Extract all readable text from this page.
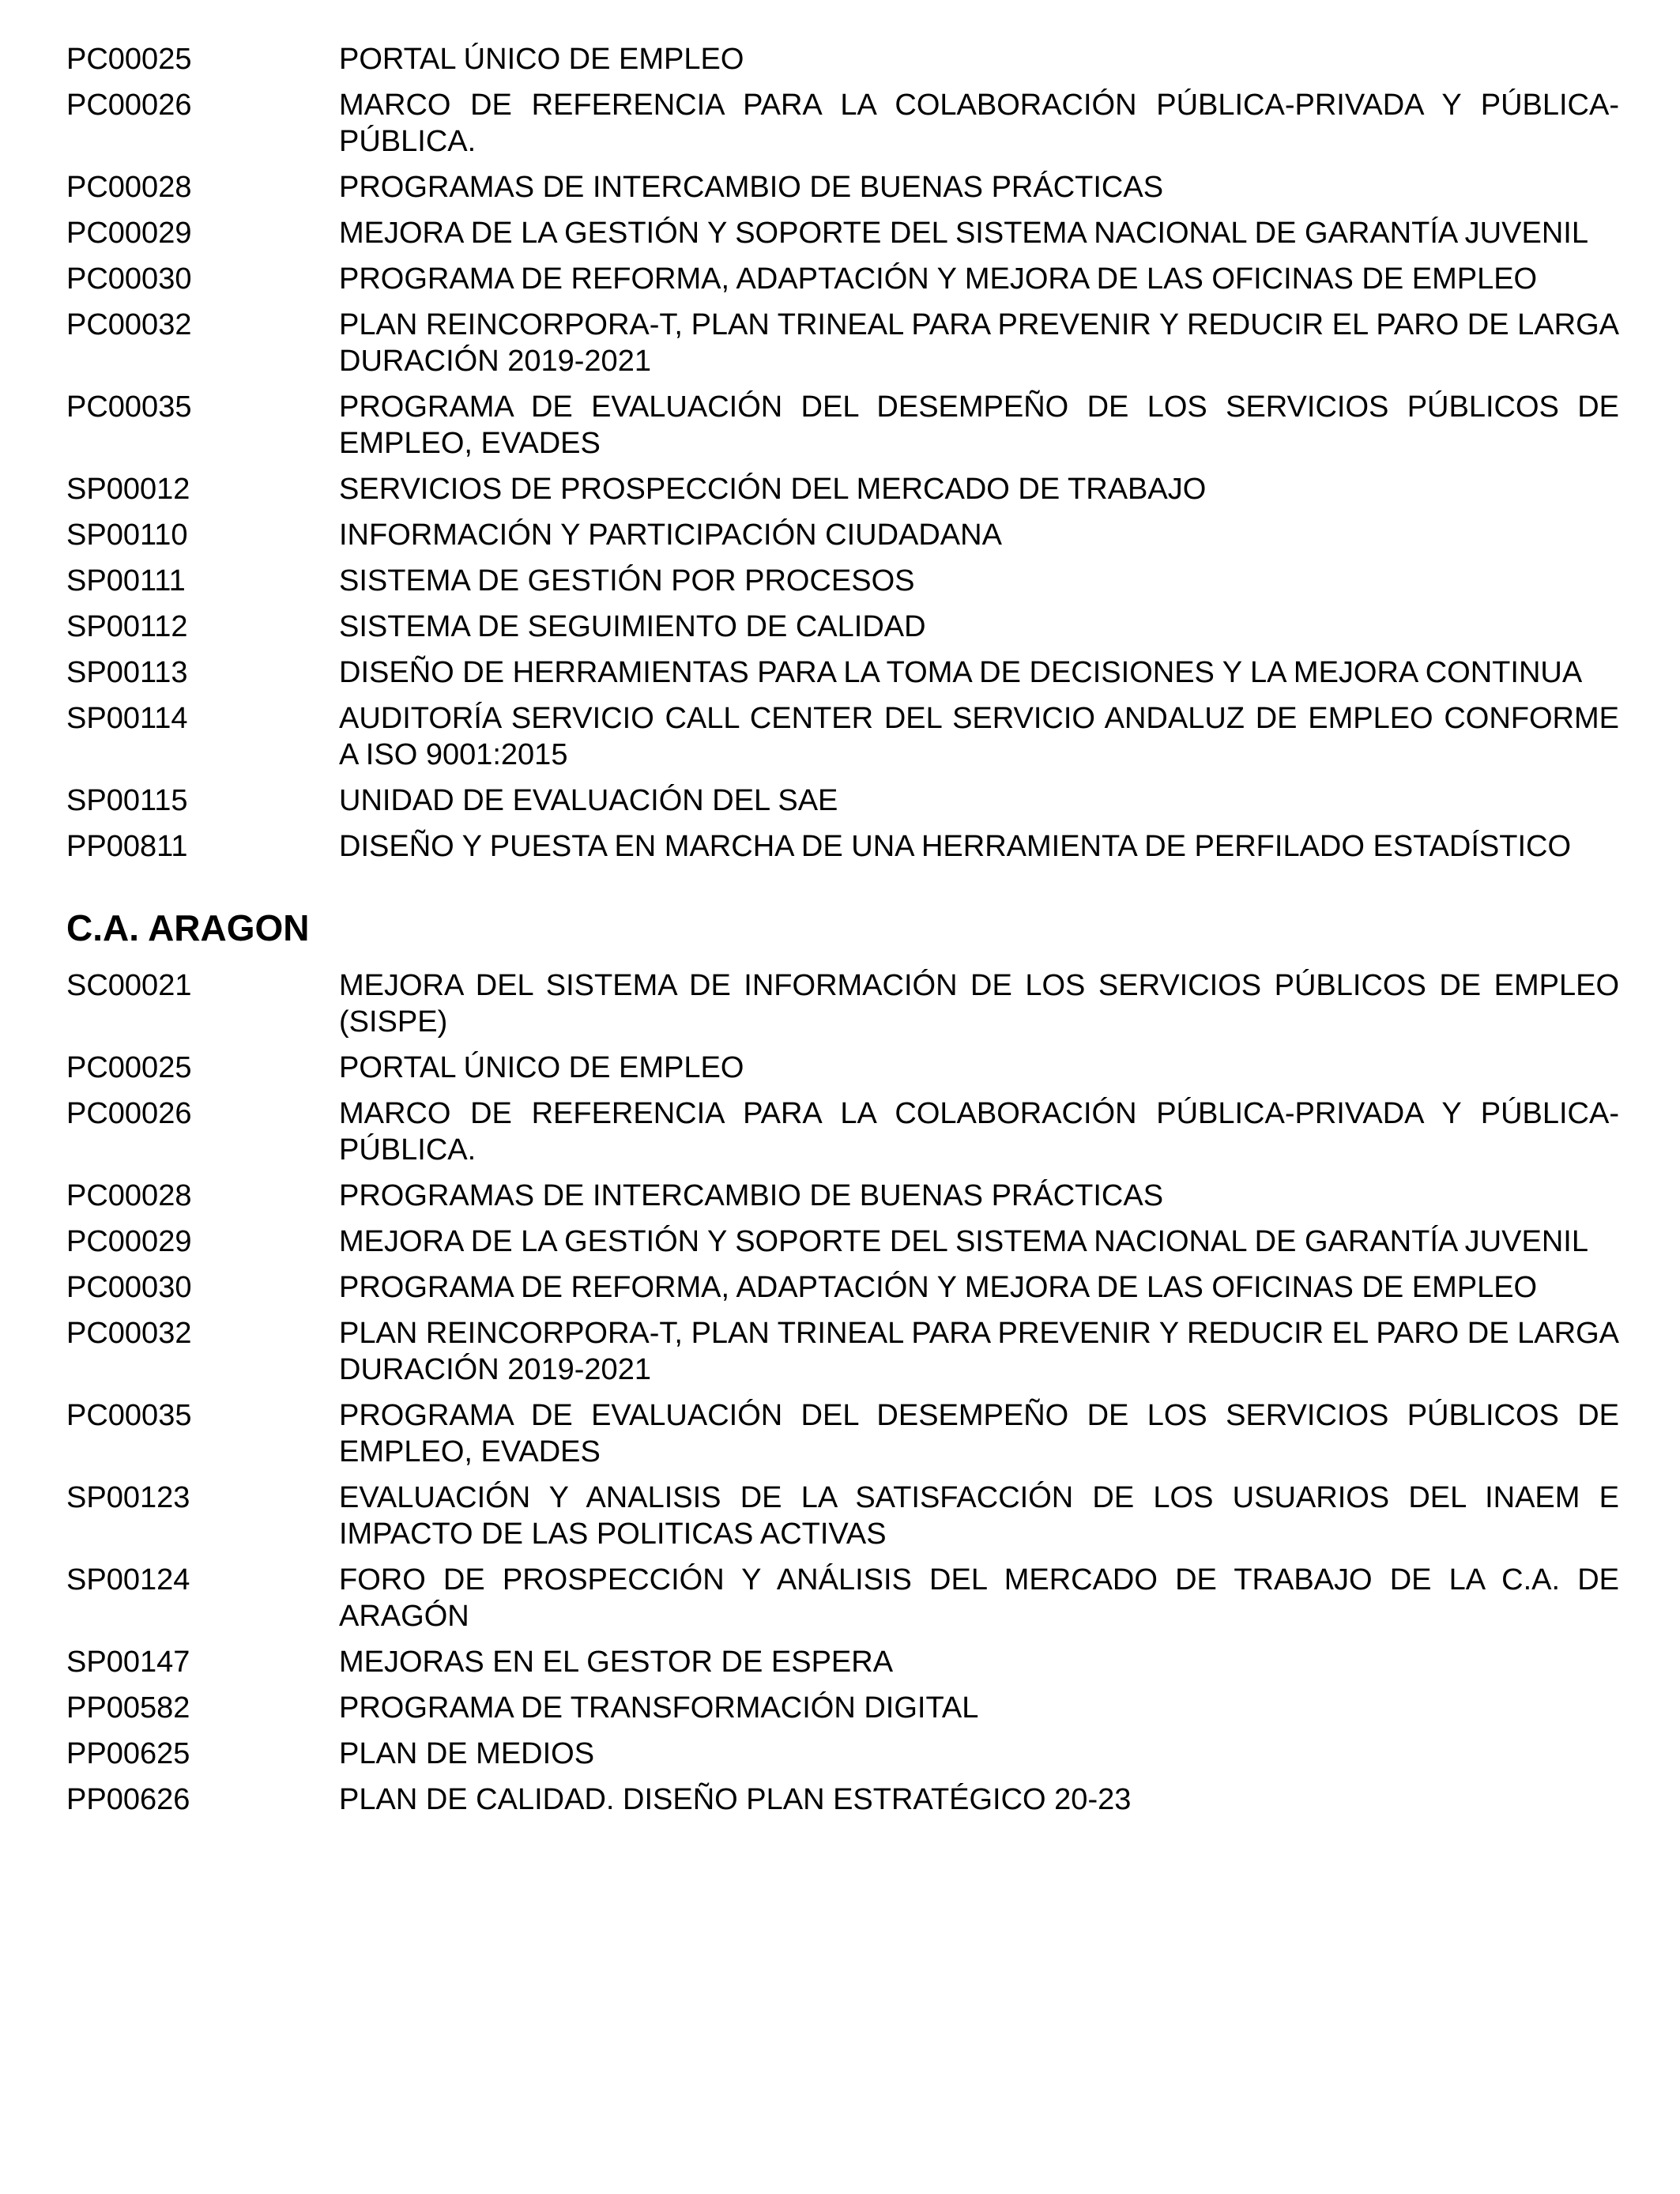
PC00025	PORTAL ÚNICO DE EMPLEO
PC00026	MARCO DE REFERENCIA PARA LA COLABORACIÓN PÚBLICA-PRIVADA Y PÚBLICA-PÚBLICA.
PC00028	PROGRAMAS DE INTERCAMBIO DE BUENAS PRÁCTICAS
PC00029	MEJORA DE LA GESTIÓN Y SOPORTE DEL SISTEMA NACIONAL DE GARANTÍA JUVENIL
PC00030	PROGRAMA DE REFORMA, ADAPTACIÓN Y MEJORA DE LAS OFICINAS DE EMPLEO
PC00032	PLAN REINCORPORA-T, PLAN TRINEAL PARA PREVENIR Y REDUCIR EL PARO DE LARGA DURACIÓN 2019-2021
PC00035	PROGRAMA DE EVALUACIÓN DEL DESEMPEÑO DE LOS SERVICIOS PÚBLICOS DE EMPLEO, EVADES
SP00012	SERVICIOS DE PROSPECCIÓN DEL MERCADO DE TRABAJO
SP00110	INFORMACIÓN Y PARTICIPACIÓN CIUDADANA
SP00111	SISTEMA DE GESTIÓN POR PROCESOS
SP00112	SISTEMA DE SEGUIMIENTO DE CALIDAD
SP00113	DISEÑO DE HERRAMIENTAS PARA LA TOMA DE DECISIONES Y LA MEJORA CONTINUA
SP00114	AUDITORÍA SERVICIO CALL CENTER DEL SERVICIO ANDALUZ DE EMPLEO CONFORME A ISO 9001:2015
SP00115	UNIDAD DE EVALUACIÓN DEL SAE
PP00811	DISEÑO Y PUESTA EN MARCHA DE UNA HERRAMIENTA DE PERFILADO ESTADÍSTICO
C.A. ARAGON
SC00021	MEJORA DEL SISTEMA DE INFORMACIÓN DE LOS SERVICIOS PÚBLICOS DE EMPLEO (SISPE)
PC00025	PORTAL ÚNICO DE EMPLEO
PC00026	MARCO DE REFERENCIA PARA LA COLABORACIÓN PÚBLICA-PRIVADA Y PÚBLICA-PÚBLICA.
PC00028	PROGRAMAS DE INTERCAMBIO DE BUENAS PRÁCTICAS
PC00029	MEJORA DE LA GESTIÓN Y SOPORTE DEL SISTEMA NACIONAL DE GARANTÍA JUVENIL
PC00030	PROGRAMA DE REFORMA, ADAPTACIÓN Y MEJORA DE LAS OFICINAS DE EMPLEO
PC00032	PLAN REINCORPORA-T, PLAN TRINEAL PARA PREVENIR Y REDUCIR EL PARO DE LARGA DURACIÓN 2019-2021
PC00035	PROGRAMA DE EVALUACIÓN DEL DESEMPEÑO DE LOS SERVICIOS PÚBLICOS DE EMPLEO, EVADES
SP00123	EVALUACIÓN Y ANALISIS DE LA SATISFACCIÓN DE LOS USUARIOS DEL INAEM E IMPACTO DE LAS POLITICAS ACTIVAS
SP00124	FORO DE PROSPECCIÓN Y ANÁLISIS DEL MERCADO DE TRABAJO DE LA C.A. DE ARAGÓN
SP00147	MEJORAS EN EL GESTOR DE ESPERA
PP00582	PROGRAMA DE TRANSFORMACIÓN DIGITAL
PP00625	PLAN DE MEDIOS
PP00626	PLAN DE CALIDAD. DISEÑO PLAN ESTRATÉGICO 20-23
